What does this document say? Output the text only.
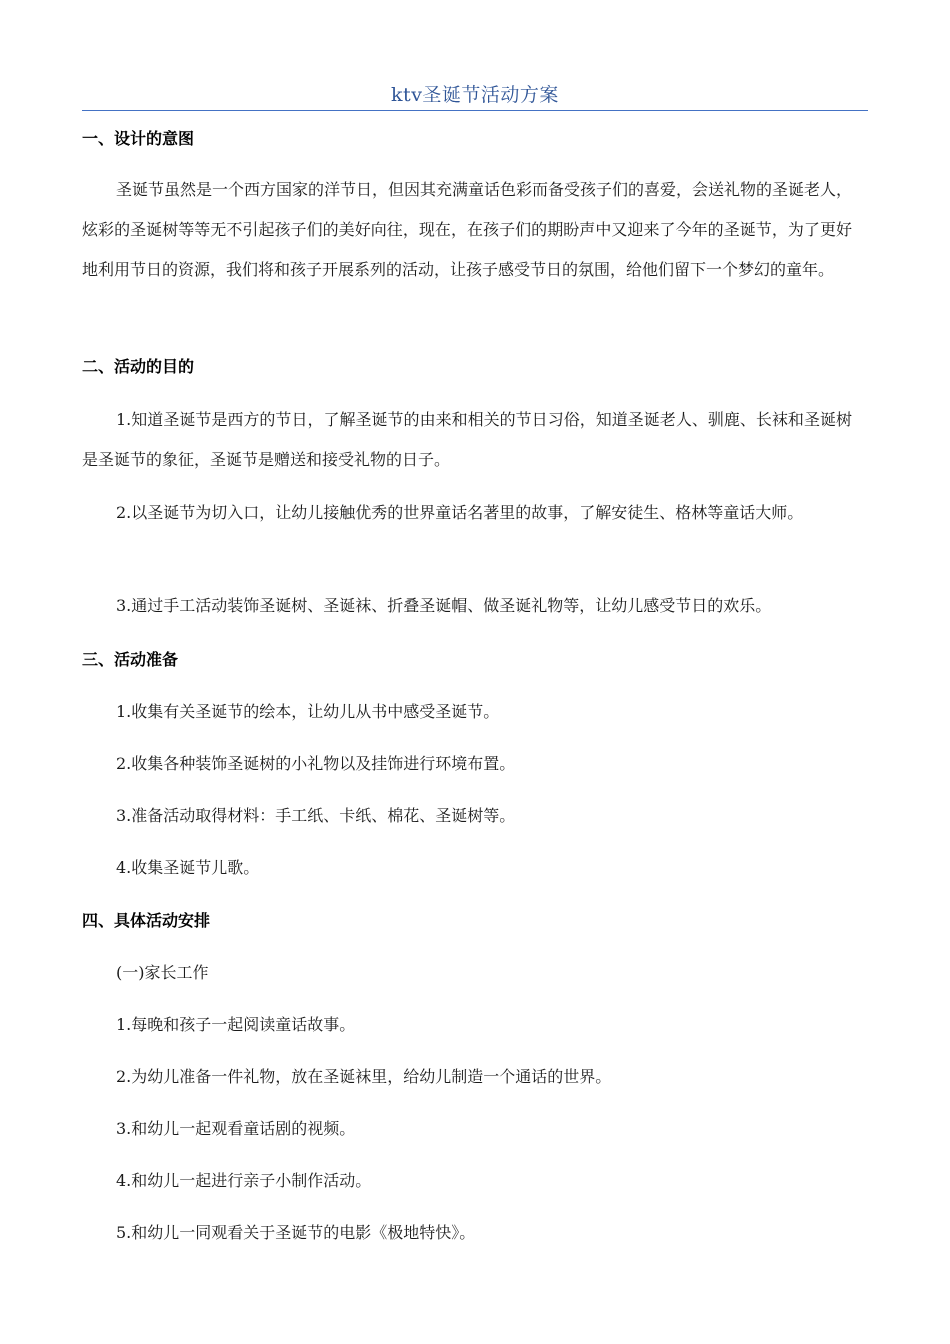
ktv圣诞节活动方案
一、设计的意图
圣诞节虽然是一个西方国家的洋节日，但因其充满童话色彩而备受孩子们的喜爱，会送礼物的圣诞老人，炫彩的圣诞树等等无不引起孩子们的美好向往，现在，在孩子们的期盼声中又迎来了今年的圣诞节，为了更好地利用节日的资源，我们将和孩子开展系列的活动，让孩子感受节日的氛围，给他们留下一个梦幻的童年。
二、活动的目的
1.知道圣诞节是西方的节日，了解圣诞节的由来和相关的节日习俗，知道圣诞老人、驯鹿、长袜和圣诞树是圣诞节的象征，圣诞节是赠送和接受礼物的日子。
2.以圣诞节为切入口，让幼儿接触优秀的世界童话名著里的故事，了解安徒生、格林等童话大师。
3.通过手工活动装饰圣诞树、圣诞袜、折叠圣诞帽、做圣诞礼物等，让幼儿感受节日的欢乐。
三、活动准备
1.收集有关圣诞节的绘本，让幼儿从书中感受圣诞节。
2.收集各种装饰圣诞树的小礼物以及挂饰进行环境布置。
3.准备活动取得材料：手工纸、卡纸、棉花、圣诞树等。
4.收集圣诞节儿歌。
四、具体活动安排
(一)家长工作
1.每晚和孩子一起阅读童话故事。
2.为幼儿准备一件礼物，放在圣诞袜里，给幼儿制造一个通话的世界。
3.和幼儿一起观看童话剧的视频。
4.和幼儿一起进行亲子小制作活动。
5.和幼儿一同观看关于圣诞节的电影《极地特快》。
